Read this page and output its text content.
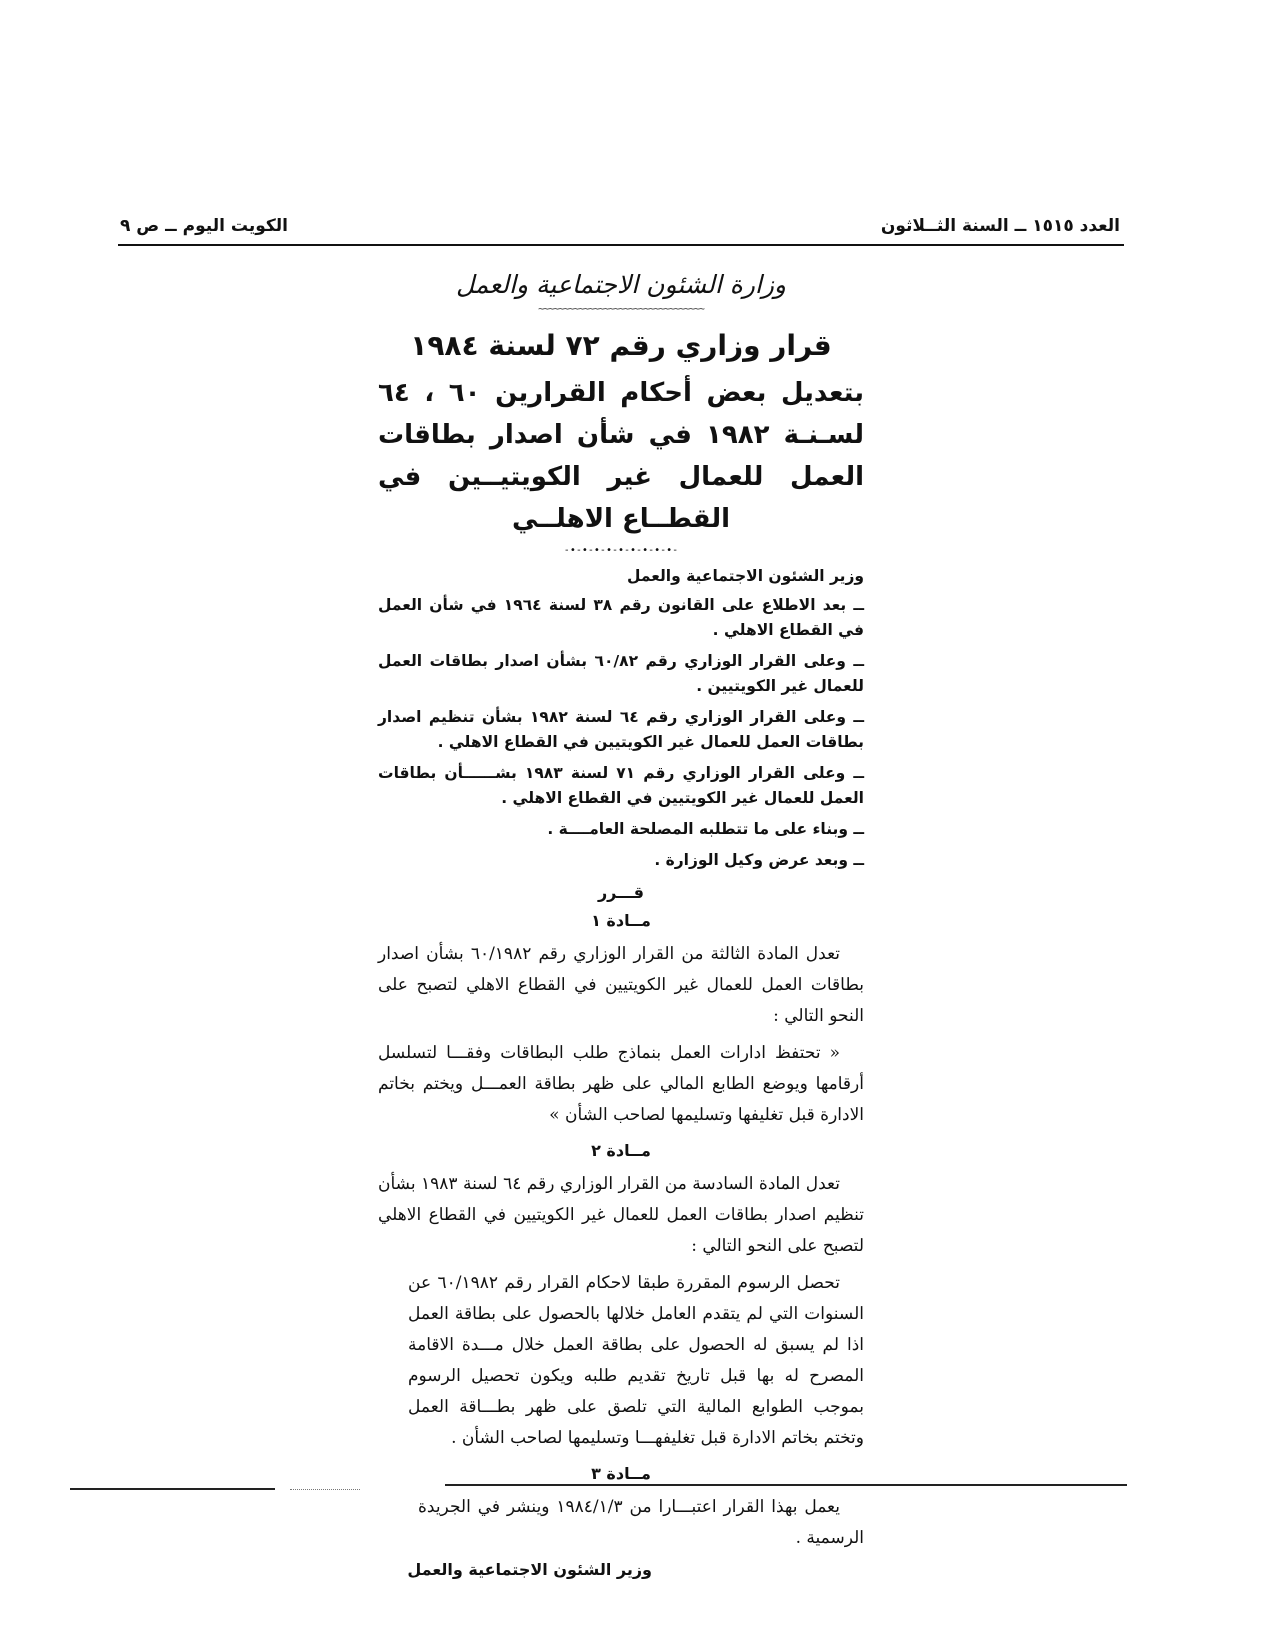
العدد ١٥١٥ ــ السنة الثــلاثون
الكويت اليوم ــ ص ٩
وزارة الشئون الاجتماعية والعمل
~~~~~~~~~~~~~~~~~~~~~~~~~~~~~~~~~
قرار وزاري رقم ٧٢ لسنة ١٩٨٤
بتعديل بعض أحكام القرارين ٦٠ ، ٦٤ لسـنـة ١٩٨٢ في شأن اصدار بطاقات العمل للعمال غير الكويتيــين في القطــاع الاهلــي
-•-•-•-•-•-•-•-•-•-
وزير الشئون الاجتماعية والعمل
ــ بعد الاطلاع على القانون رقم ٣٨ لسنة ١٩٦٤ في شأن العمل في القطاع الاهلي .
ــ وعلى القرار الوزاري رقم ٦٠/٨٢ بشأن اصدار بطاقات العمل للعمال غير الكويتيين .
ــ وعلى القرار الوزاري رقم ٦٤ لسنة ١٩٨٢ بشأن تنظيم اصدار بطاقات العمل للعمال غير الكويتيين في القطاع الاهلي .
ــ وعلى القرار الوزاري رقم ٧١ لسنة ١٩٨٣ بشــــــأن بطاقات العمل للعمال غير الكويتيين في القطاع الاهلي .
ــ وبناء على ما تتطلبه المصلحة العامــــة .
ــ وبعد عرض وكيل الوزارة .
قـــرر
مــادة ١
تعدل المادة الثالثة من القرار الوزاري رقم ٦٠/١٩٨٢ بشأن اصدار بطاقات العمل للعمال غير الكويتيين في القطاع الاهلي لتصبح على النحو التالي :
« تحتفظ ادارات العمل بنماذج طلب البطاقات وفقـــا لتسلسل أرقامها ويوضع الطابع المالي على ظهر بطاقة العمـــل ويختم بخاتم الادارة قبل تغليفها وتسليمها لصاحب الشأن »
مــادة ٢
تعدل المادة السادسة من القرار الوزاري رقم ٦٤ لسنة ١٩٨٣ بشأن تنظيم اصدار بطاقات العمل للعمال غير الكويتيين في القطاع الاهلي لتصبح على النحو التالي :
تحصل الرسوم المقررة طبقا لاحكام القرار رقم ٦٠/١٩٨٢ عن السنوات التي لم يتقدم العامل خلالها بالحصول على بطاقة العمل اذا لم يسبق له الحصول على بطاقة العمل خلال مـــدة الاقامة المصرح له بها قبل تاريخ تقديم طلبه ويكون تحصيل الرسوم بموجب الطوابع المالية التي تلصق على ظهر بطـــاقة العمل وتختم بخاتم الادارة قبل تغليفهـــا وتسليمها لصاحب الشأن .
مــادة ٣
يعمل بهذا القرار اعتبـــارا من ١٩٨٤/١/٣ وينشر في الجريدة الرسمية .
وزير الشئون الاجتماعية والعمل
